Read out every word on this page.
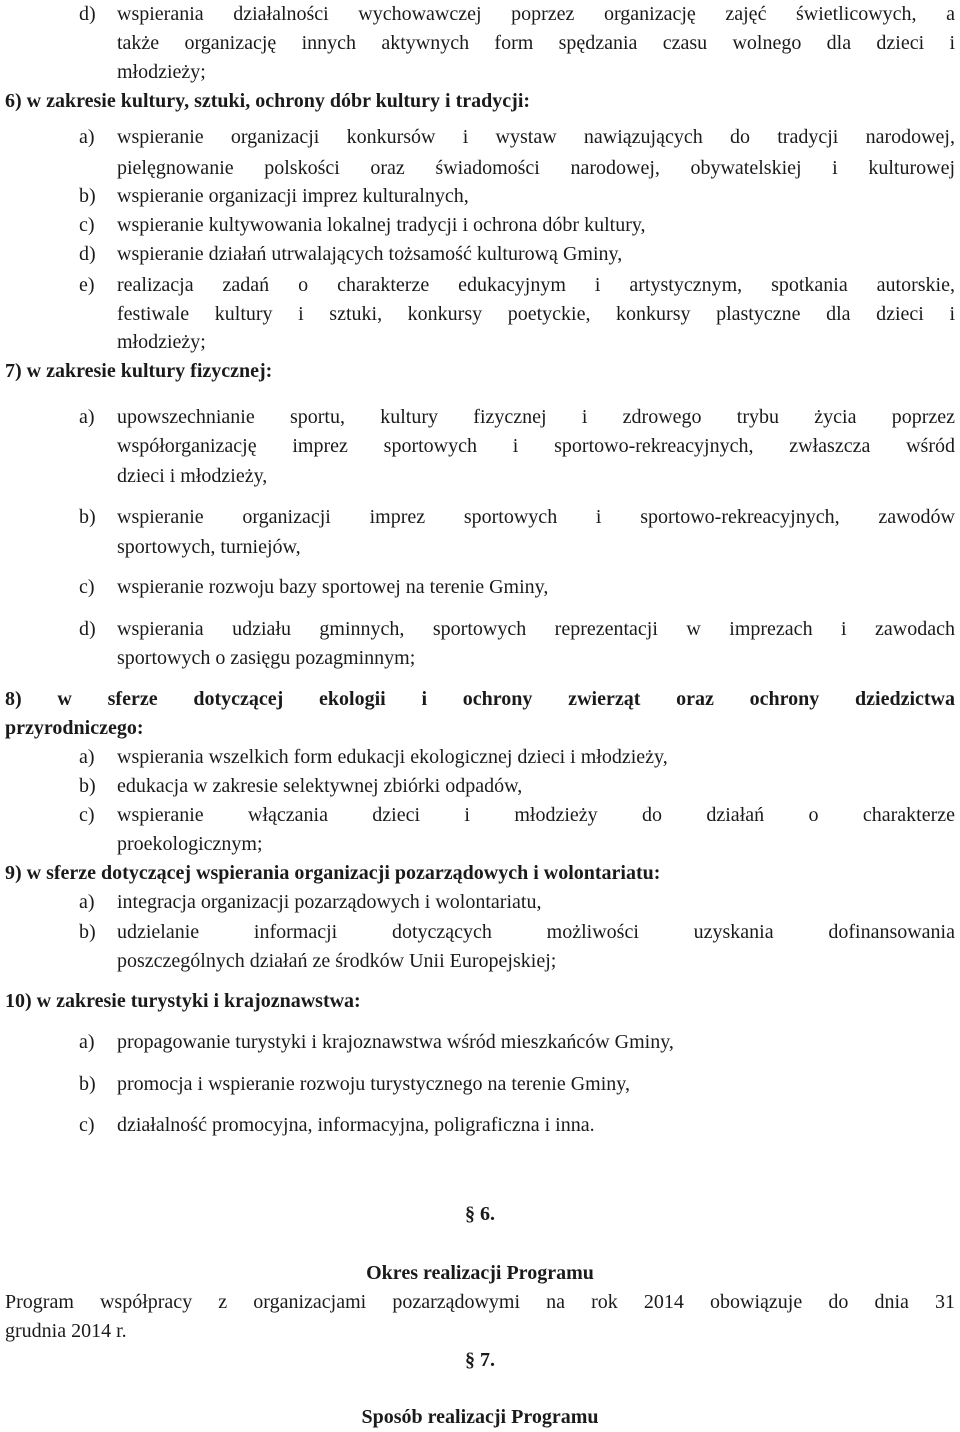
d) wspierania działalności wychowawczej poprzez organizację zajęć świetlicowych, a
także organizację innych aktywnych form spędzania czasu wolnego dla dzieci i
młodzieży;
6) w zakresie kultury, sztuki, ochrony dóbr kultury i tradycji:
a) wspieranie organizacji konkursów i wystaw nawiązujących do tradycji narodowej,
pielęgnowanie polskości oraz świadomości narodowej, obywatelskiej i kulturowej
b) wspieranie organizacji imprez kulturalnych,
c) wspieranie kultywowania lokalnej tradycji i ochrona dóbr kultury,
d) wspieranie działań utrwalających tożsamość kulturową Gminy,
e) realizacja zadań o charakterze edukacyjnym i artystycznym, spotkania autorskie,
festiwale kultury i sztuki, konkursy poetyckie, konkursy plastyczne dla dzieci i
młodzieży;
7) w zakresie kultury fizycznej:
a) upowszechnianie sportu, kultury fizycznej i zdrowego trybu życia poprzez
współorganizację imprez sportowych i sportowo-rekreacyjnych, zwłaszcza wśród
dzieci i młodzieży,
b) wspieranie organizacji imprez sportowych i sportowo-rekreacyjnych, zawodów
sportowych, turniejów,
c) wspieranie rozwoju bazy sportowej na terenie Gminy,
d) wspierania udziału gminnych, sportowych reprezentacji w imprezach i zawodach
sportowych o zasięgu pozagminnym;
8) w sferze dotyczącej ekologii i ochrony zwierząt oraz ochrony dziedzictwa
przyrodniczego:
a) wspierania wszelkich form edukacji ekologicznej dzieci i młodzieży,
b) edukacja w zakresie selektywnej zbiórki odpadów,
c) wspieranie włączania dzieci i młodzieży do działań o charakterze
proekologicznym;
9) w sferze dotyczącej wspierania organizacji pozarządowych i wolontariatu:
a) integracja organizacji pozarządowych i wolontariatu,
b) udzielanie informacji dotyczących możliwości uzyskania dofinansowania
poszczególnych działań ze środków Unii Europejskiej;
10) w zakresie turystyki i krajoznawstwa:
a) propagowanie turystyki i krajoznawstwa wśród mieszkańców Gminy,
b) promocja i wspieranie rozwoju turystycznego na terenie Gminy,
c) działalność promocyjna, informacyjna, poligraficzna i inna.
§ 6.
Okres realizacji Programu
Program współpracy z organizacjami pozarządowymi na rok 2014 obowiązuje do dnia 31
grudnia 2014 r.
§ 7.
Sposób realizacji Programu
